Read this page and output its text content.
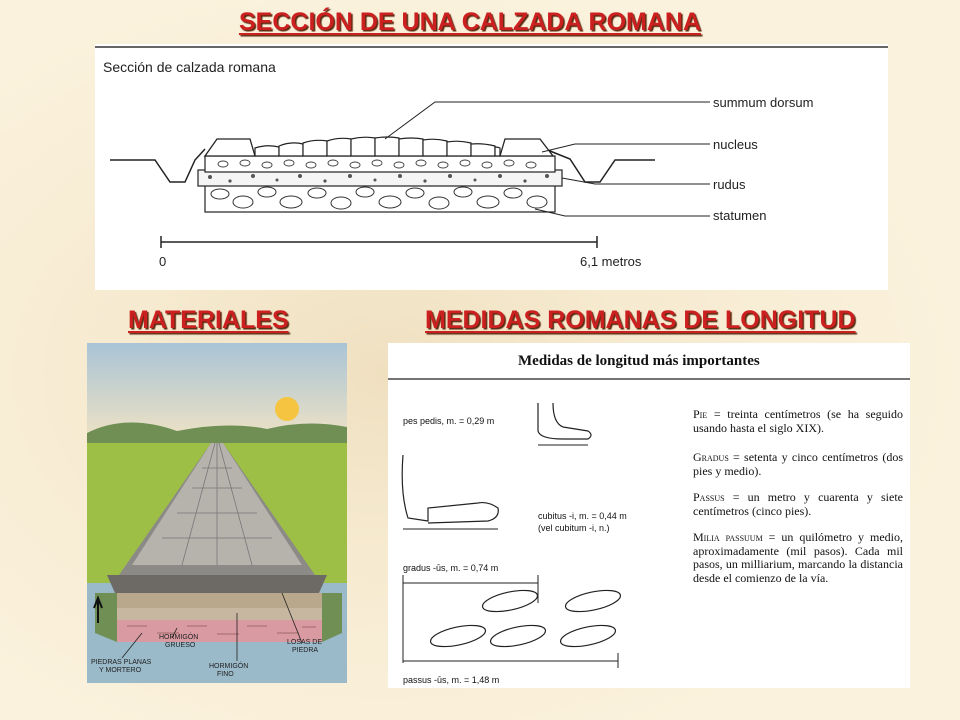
SECCIÓN DE UNA CALZADA ROMANA
Sección de calzada romana
summum dorsum
nucleus
rudus
statumen
0	6,1 metros
MATERIALES	MEDIDAS ROMANAS DE LONGITUD
HORMIGÓN
GRUESO	LOSAS DE
PIEDRA
HORMIGÓN
FINO
PIEDRAS PLANAS
Y MORTERO
Medidas de longitud más importantes
pes pedis, m. = 0,29 m
cubitus -i, m. = 0,44 m
(vel cubitum -i, n.)
gradus -ūs, m. = 0,74 m
passus -ūs, m. = 1,48 m
Pie = treinta centímetros (se ha seguido usando hasta el siglo XIX).
Gradus = setenta y cinco centímetros (dos pies y medio).
Passus = un metro y cuarenta y siete centímetros (cinco pies).
Milia passuum = un quilómetro y medio, aproximadamente (mil pasos). Cada mil pasos, un milliarium, marcando la distancia desde el comienzo de la vía.
